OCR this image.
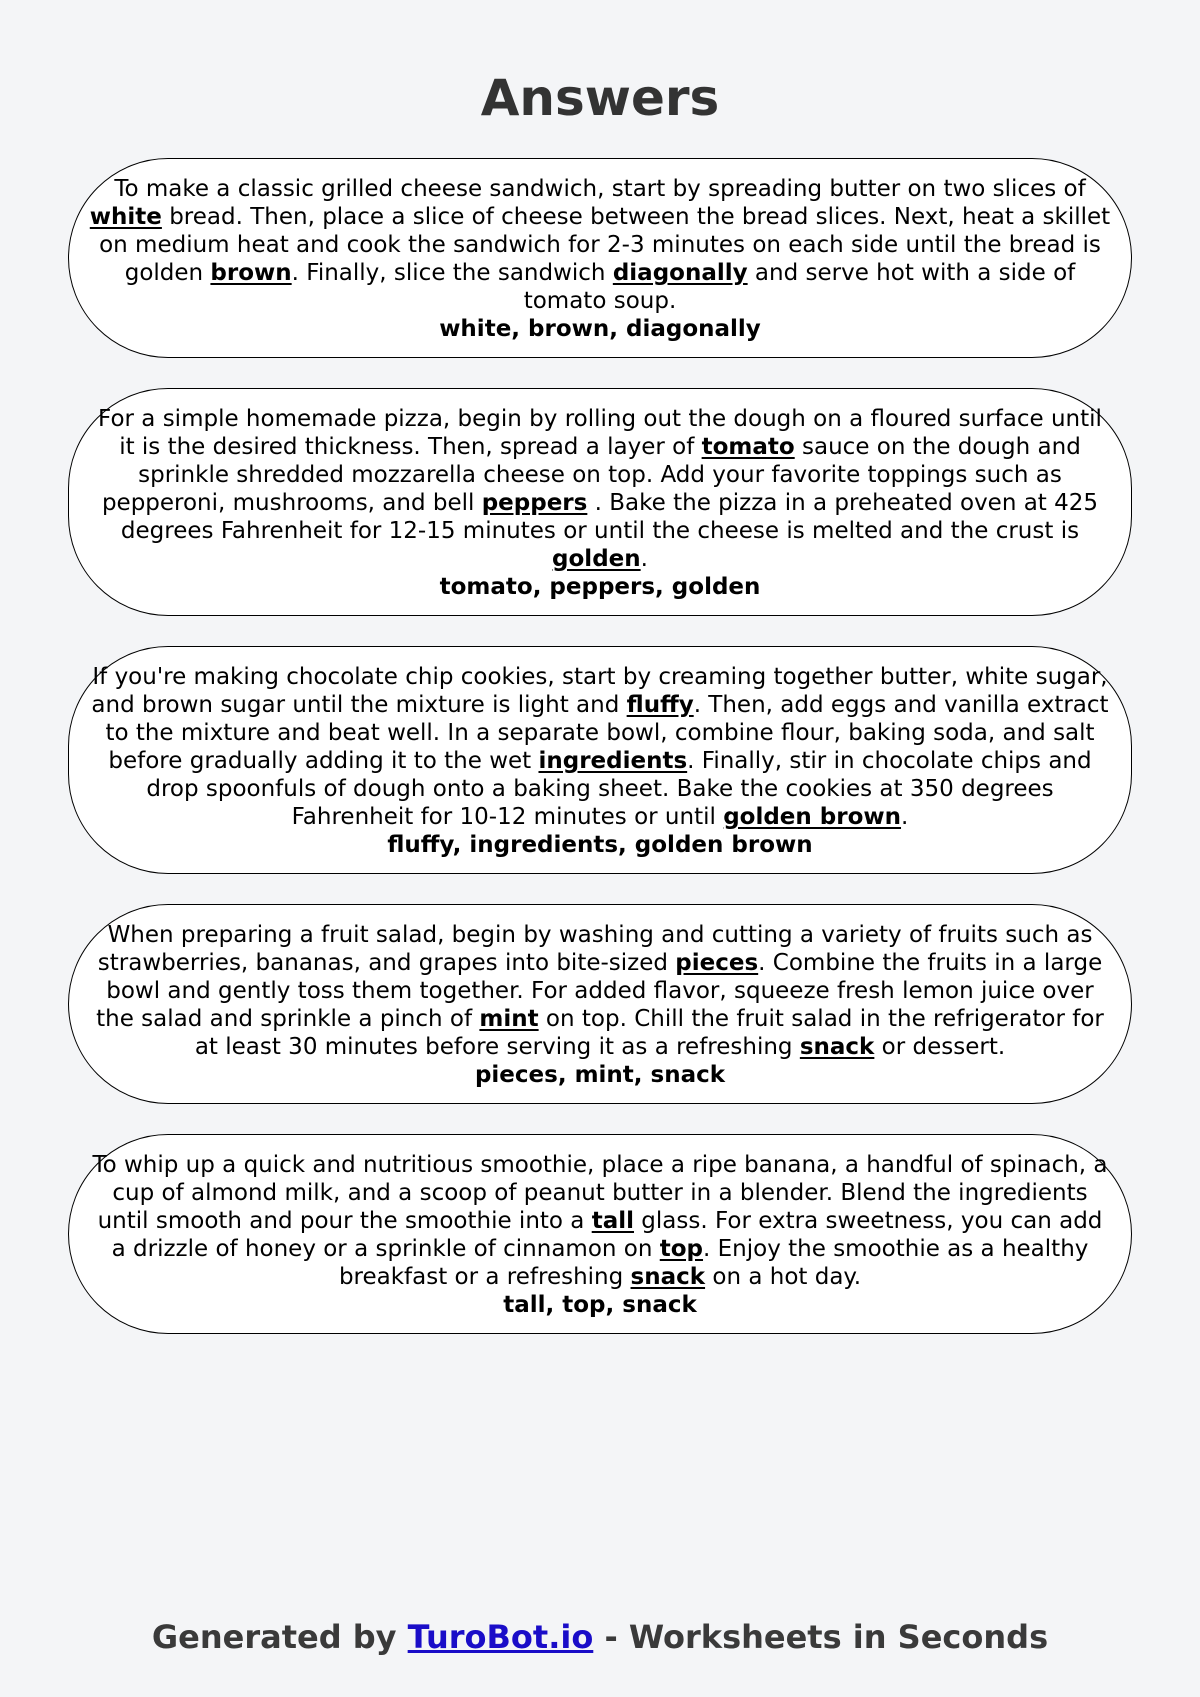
Answers

To make a classic grilled cheese sandwich, start by spreading butter on two slices of white bread. Then, place a slice of cheese between the bread slices. Next, heat a skillet on medium heat and cook the sandwich for 2-3 minutes on each side until the bread is golden brown. Finally, slice the sandwich diagonally and serve hot with a side of tomato soup.

white, brown, diagonally

For a simple homemade pizza, begin by rolling out the dough on a floured surface until it is the desired thickness. Then, spread a layer of tomato sauce on the dough and sprinkle shredded mozzarella cheese on top. Add your favorite toppings such as pepperoni, mushrooms, and bell peppers . Bake the pizza in a preheated oven at 425 degrees Fahrenheit for 12-15 minutes or until the cheese is melted and the crust is golden.

tomato, peppers, golden

If you're making chocolate chip cookies, start by creaming together butter, white sugar, and brown sugar until the mixture is light and fluffy. Then, add eggs and vanilla extract to the mixture and beat well. In a separate bowl, combine flour, baking soda, and salt before gradually adding it to the wet ingredients. Finally, stir in chocolate chips and drop spoonfuls of dough onto a baking sheet. Bake the cookies at 350 degrees Fahrenheit for 10-12 minutes or until golden brown.

fluffy, ingredients, golden brown

When preparing a fruit salad, begin by washing and cutting a variety of fruits such as strawberries, bananas, and grapes into bite-sized pieces. Combine the fruits in a large bowl and gently toss them together. For added flavor, squeeze fresh lemon juice over the salad and sprinkle a pinch of mint on top. Chill the fruit salad in the refrigerator for at least 30 minutes before serving it as a refreshing snack or dessert.

pieces, mint, snack

To whip up a quick and nutritious smoothie, place a ripe banana, a handful of spinach, a cup of almond milk, and a scoop of peanut butter in a blender. Blend the ingredients until smooth and pour the smoothie into a tall glass. For extra sweetness, you can add a drizzle of honey or a sprinkle of cinnamon on top. Enjoy the smoothie as a healthy breakfast or a refreshing snack on a hot day.

tall, top, snack

Generated by TuroBot.io - Worksheets in Seconds
